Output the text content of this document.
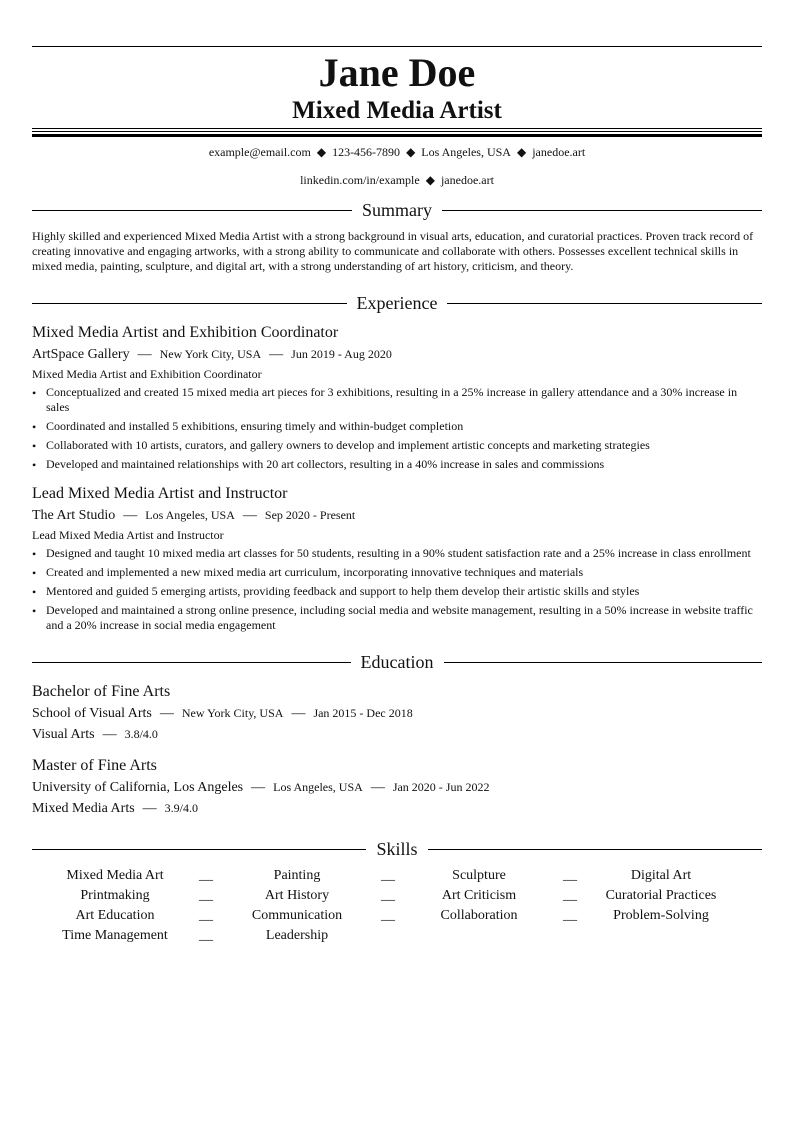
Jane Doe
Mixed Media Artist
example@email.com ◆ 123-456-7890 ◆ Los Angeles, USA ◆ janedoe.art
linkedin.com/in/example ◆ janedoe.art
Summary
Highly skilled and experienced Mixed Media Artist with a strong background in visual arts, education, and curatorial practices. Proven track record of creating innovative and engaging artworks, with a strong ability to communicate and collaborate with others. Possesses excellent technical skills in mixed media, painting, sculpture, and digital art, with a strong understanding of art history, criticism, and theory.
Experience
Mixed Media Artist and Exhibition Coordinator
ArtSpace Gallery — New York City, USA — Jun 2019 - Aug 2020
Mixed Media Artist and Exhibition Coordinator
• Conceptualized and created 15 mixed media art pieces for 3 exhibitions, resulting in a 25% increase in gallery attendance and a 30% increase in sales
• Coordinated and installed 5 exhibitions, ensuring timely and within-budget completion
• Collaborated with 10 artists, curators, and gallery owners to develop and implement artistic concepts and marketing strategies
• Developed and maintained relationships with 20 art collectors, resulting in a 40% increase in sales and commissions
Lead Mixed Media Artist and Instructor
The Art Studio — Los Angeles, USA — Sep 2020 - Present
Lead Mixed Media Artist and Instructor
• Designed and taught 10 mixed media art classes for 50 students, resulting in a 90% student satisfaction rate and a 25% increase in class enrollment
• Created and implemented a new mixed media art curriculum, incorporating innovative techniques and materials
• Mentored and guided 5 emerging artists, providing feedback and support to help them develop their artistic skills and styles
• Developed and maintained a strong online presence, including social media and website management, resulting in a 50% increase in website traffic and a 20% increase in social media engagement
Education
Bachelor of Fine Arts
School of Visual Arts — New York City, USA — Jan 2015 - Dec 2018
Visual Arts — 3.8/4.0
Master of Fine Arts
University of California, Los Angeles — Los Angeles, USA — Jan 2020 - Jun 2022
Mixed Media Arts — 3.9/4.0
Skills
Mixed Media Art	__	Painting	__	Sculpture	__	Digital Art
Printmaking	__	Art History	__	Art Criticism	__	Curatorial Practices
Art Education	__	Communication	__	Collaboration	__	Problem-Solving
Time Management	__	Leadership
